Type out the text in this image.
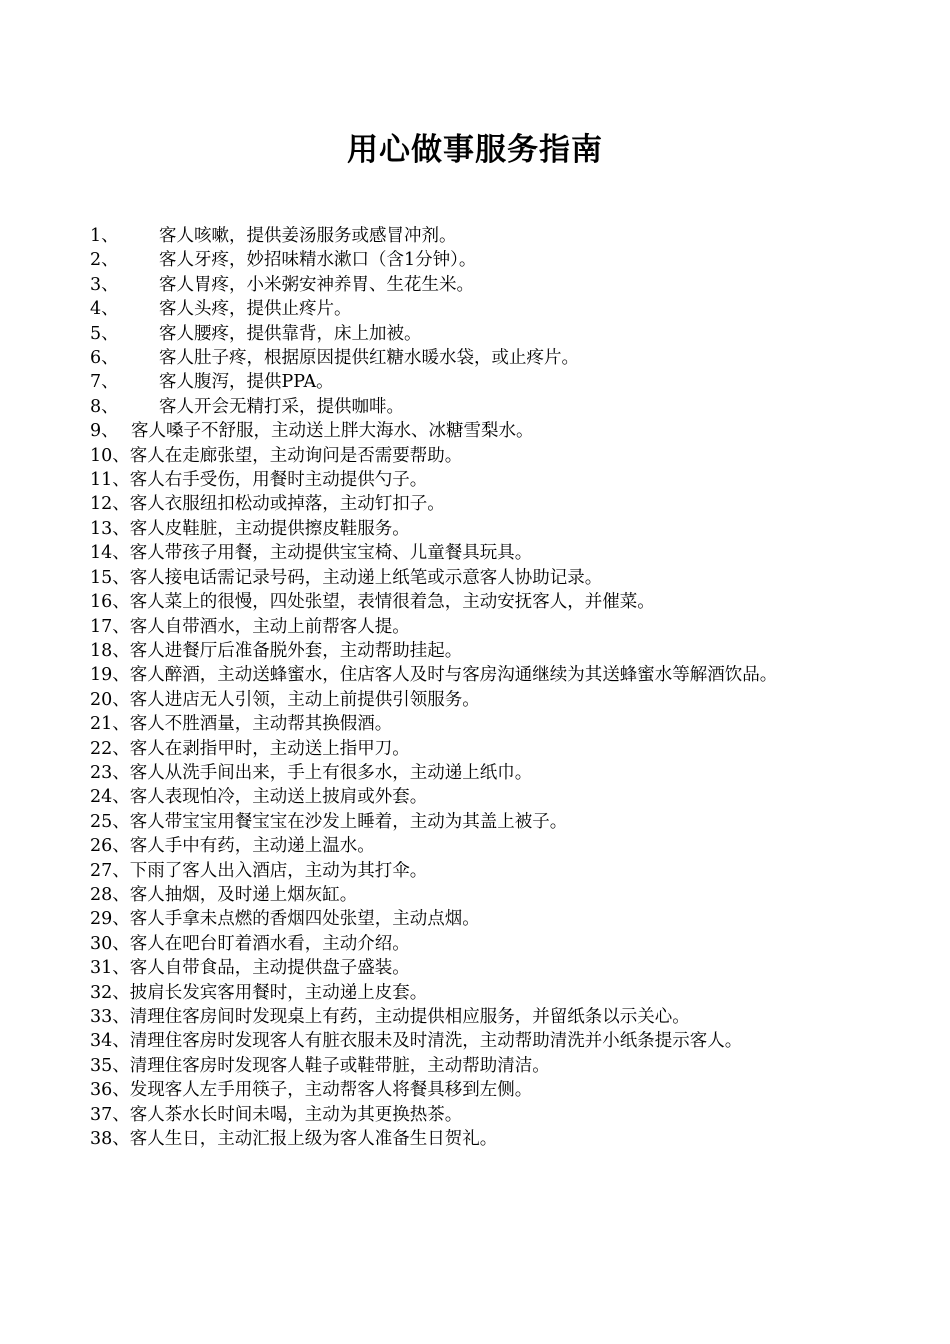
用心做事服务指南
1、 客人咳嗽，提供姜汤服务或感冒冲剂。
2、 客人牙疼，妙招味精水漱口（含1分钟）。
3、 客人胃疼，小米粥安神养胃、生花生米。
4、 客人头疼，提供止疼片。
5、 客人腰疼，提供靠背，床上加被。
6、 客人肚子疼，根据原因提供红糖水暖水袋，或止疼片。
7、 客人腹泻，提供PPA。
8、 客人开会无精打采，提供咖啡。
9、 客人嗓子不舒服，主动送上胖大海水、冰糖雪梨水。
10、客人在走廊张望，主动询问是否需要帮助。
11、客人右手受伤，用餐时主动提供勺子。
12、客人衣服纽扣松动或掉落，主动钉扣子。
13、客人皮鞋脏，主动提供擦皮鞋服务。
14、客人带孩子用餐，主动提供宝宝椅、儿童餐具玩具。
15、客人接电话需记录号码，主动递上纸笔或示意客人协助记录。
16、客人菜上的很慢，四处张望，表情很着急，主动安抚客人，并催菜。
17、客人自带酒水，主动上前帮客人提。
18、客人进餐厅后准备脱外套，主动帮助挂起。
19、客人醉酒，主动送蜂蜜水，住店客人及时与客房沟通继续为其送蜂蜜水等解酒饮品。
20、客人进店无人引领，主动上前提供引领服务。
21、客人不胜酒量，主动帮其换假酒。
22、客人在剥指甲时，主动送上指甲刀。
23、客人从洗手间出来，手上有很多水，主动递上纸巾。
24、客人表现怕冷，主动送上披肩或外套。
25、客人带宝宝用餐宝宝在沙发上睡着，主动为其盖上被子。
26、客人手中有药，主动递上温水。
27、下雨了客人出入酒店，主动为其打伞。
28、客人抽烟，及时递上烟灰缸。
29、客人手拿未点燃的香烟四处张望，主动点烟。
30、客人在吧台盯着酒水看，主动介绍。
31、客人自带食品，主动提供盘子盛装。
32、披肩长发宾客用餐时，主动递上皮套。
33、清理住客房间时发现桌上有药，主动提供相应服务，并留纸条以示关心。
34、清理住客房时发现客人有脏衣服未及时清洗，主动帮助清洗并小纸条提示客人。
35、清理住客房时发现客人鞋子或鞋带脏，主动帮助清洁。
36、发现客人左手用筷子，主动帮客人将餐具移到左侧。
37、客人茶水长时间未喝，主动为其更换热茶。
38、客人生日，主动汇报上级为客人准备生日贺礼。
